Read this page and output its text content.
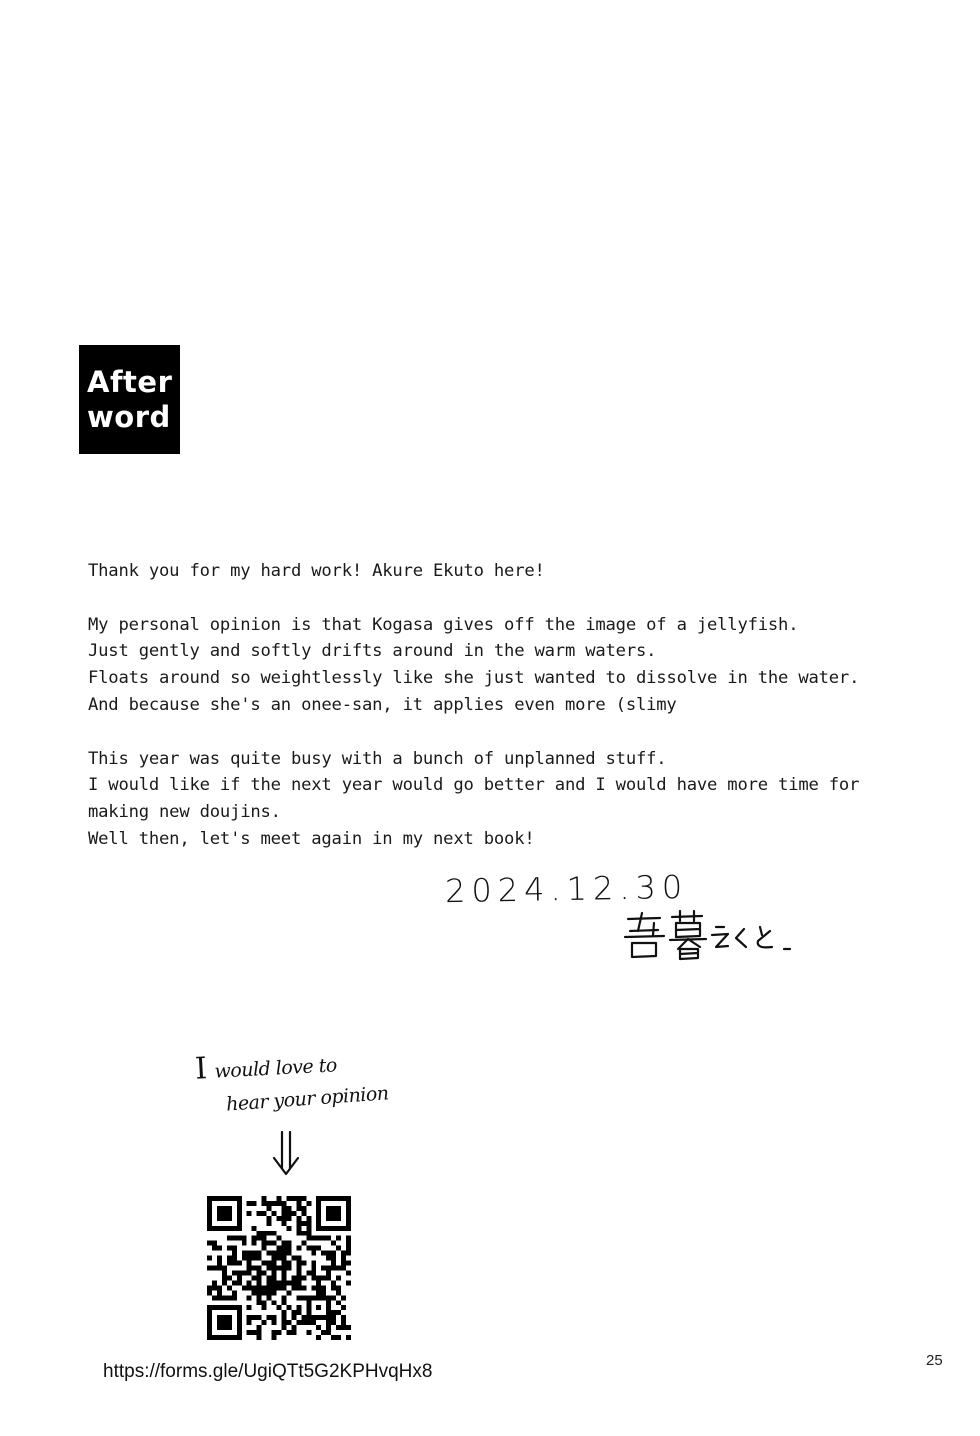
After
word

Thank you for my hard work! Akure Ekuto here!

My personal opinion is that Kogasa gives off the image of a jellyfish.

Just gently and softly drifts around in the warm waters.

Floats around so weightlessly like she just wanted to dissolve in the water.

And because she's an onee-san, it applies even more (slimy

This year was quite busy with a bunch of unplanned stuff.

I would like if the next year would go better and I would have more time for

making new doujins.

Well then, let's meet again in my next book!

2024.12.30
Iwould love to
hear your opinion
https://forms.gle/UgiQTt5G2KPHvqHx8
25
